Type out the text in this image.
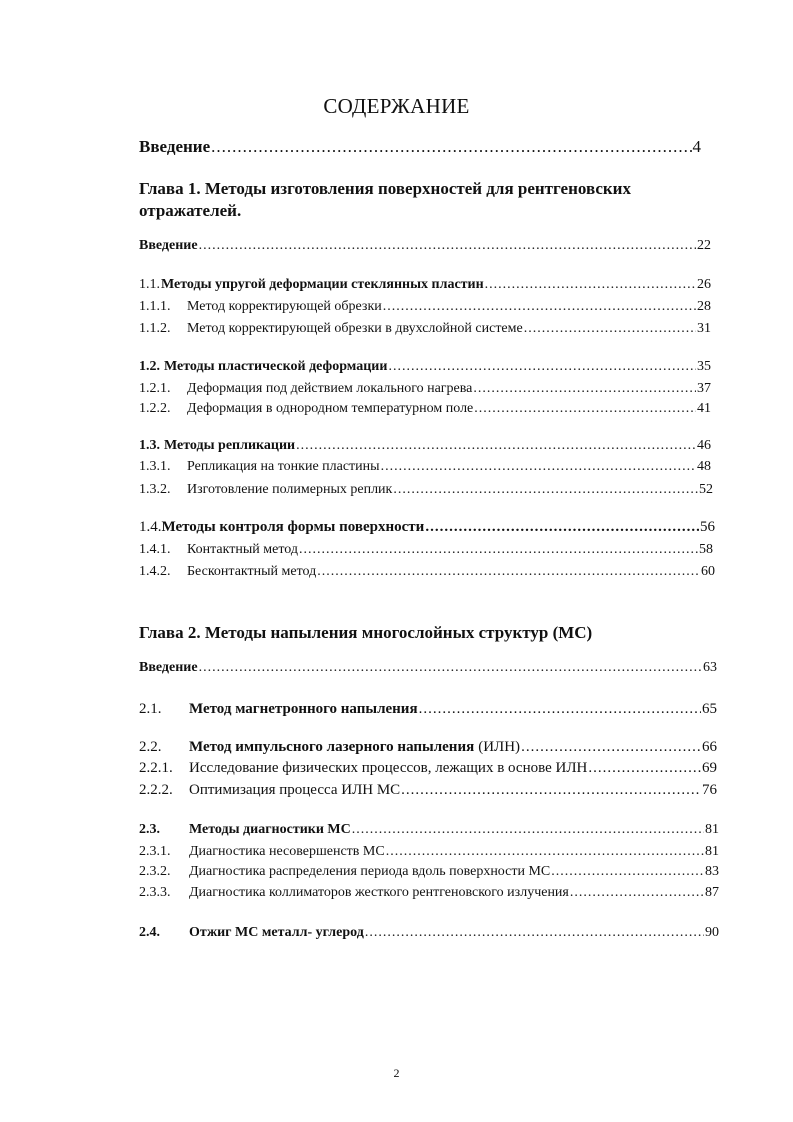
СОДЕРЖАНИЕ
Введение .....	4
Глава 1. Методы изготовления поверхностей для рентгеновских отражателей.
Введение .....	22
1.1. Методы упругой деформации стеклянных пластин .....	26
1.1.1.	Метод корректирующей обрезки .....	28
1.1.2.	Метод корректирующей обрезки в двухслойной системе .....	31
1.2. Методы пластической деформации .....	35
1.2.1.	Деформация под действием локального нагрева .....	37
1.2.2.	Деформация в однородном температурном поле .....	41
1.3. Методы репликации .....	46
1.3.1.	Репликация на тонкие пластины .....	48
1.3.2.	Изготовление полимерных реплик .....	52
1.4. Методы контроля формы поверхности .....	56
1.4.1.	Контактный метод .....	58
1.4.2.	Бесконтактный метод .....	60
Глава 2. Методы напыления многослойных структур (МС)
Введение .....	63
2.1.	Метод магнетронного напыления .....	65
2.2.	Метод импульсного лазерного напыления (ИЛН) .....	66
2.2.1.	Исследование физических процессов, лежащих в основе ИЛН .....	69
2.2.2.	Оптимизация процесса ИЛН МС .....	76
2.3.	Методы диагностики МС .....	81
2.3.1.	Диагностика несовершенств МС .....	81
2.3.2.	Диагностика распределения периода вдоль поверхности МС .....	83
2.3.3.	Диагностика коллиматоров жесткого рентгеновского излучения .....	87
2.4.	Отжиг МС металл- углерод .....	90
2
